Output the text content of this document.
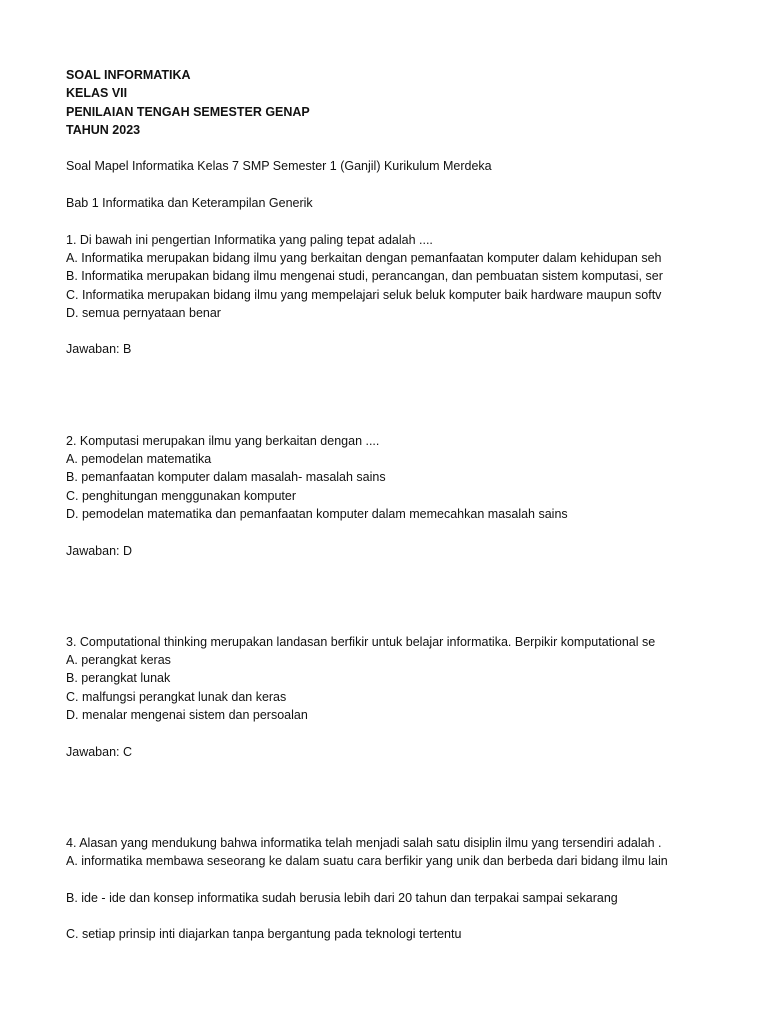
SOAL INFORMATIKA
KELAS VII
PENILAIAN TENGAH SEMESTER GENAP
TAHUN 2023
Soal Mapel Informatika Kelas 7 SMP Semester 1 (Ganjil) Kurikulum Merdeka
Bab 1 Informatika dan Keterampilan Generik
1. Di bawah ini pengertian Informatika yang paling tepat adalah ....
A. Informatika merupakan bidang ilmu yang berkaitan dengan pemanfaatan komputer dalam kehidupan seh
B. Informatika merupakan bidang ilmu mengenai studi, perancangan, dan pembuatan sistem komputasi, ser
C. Informatika merupakan bidang ilmu yang mempelajari seluk beluk komputer baik hardware maupun softv
D. semua pernyataan benar
Jawaban: B
2. Komputasi merupakan ilmu yang berkaitan dengan ....
A. pemodelan matematika
B. pemanfaatan komputer dalam masalah- masalah sains
C. penghitungan menggunakan komputer
D. pemodelan matematika dan pemanfaatan komputer dalam memecahkan masalah sains
Jawaban: D
3. Computational thinking merupakan landasan berfikir untuk belajar informatika. Berpikir komputational se
A. perangkat keras
B. perangkat lunak
C. malfungsi perangkat lunak dan keras
D. menalar mengenai sistem dan persoalan
Jawaban: C
4. Alasan yang mendukung bahwa informatika telah menjadi salah satu disiplin ilmu yang tersendiri adalah .
A. informatika membawa seseorang ke dalam suatu cara berfikir yang unik dan berbeda dari bidang ilmu lain
B. ide - ide dan konsep informatika sudah berusia lebih dari 20 tahun dan terpakai sampai sekarang
C. setiap prinsip inti diajarkan tanpa bergantung pada teknologi tertentu
